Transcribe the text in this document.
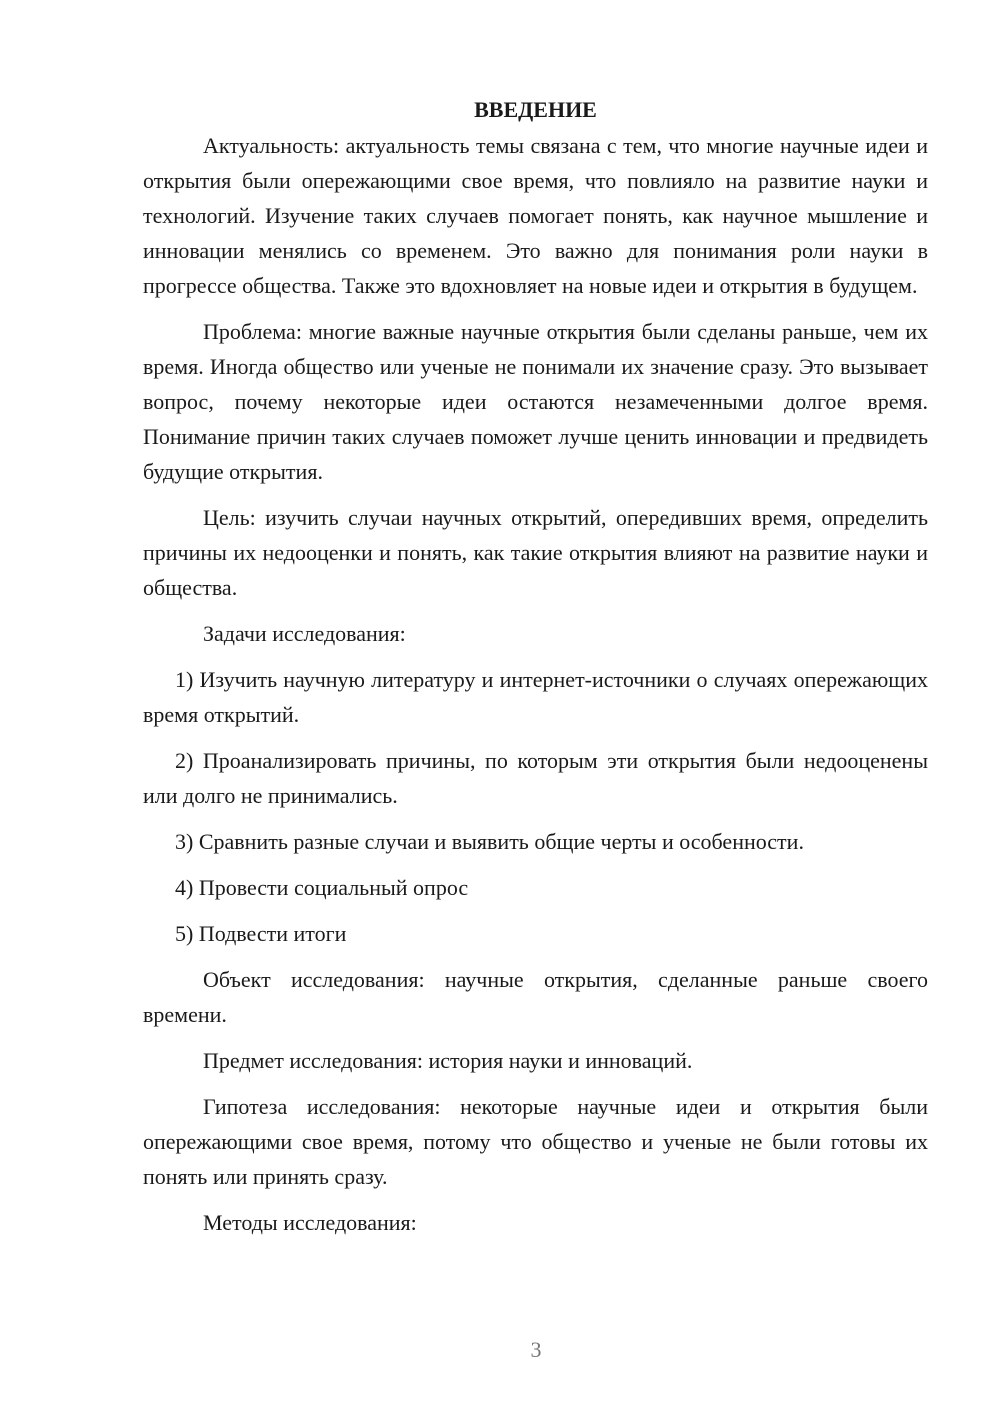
ВВЕДЕНИЕ

Актуальность: актуальность темы связана с тем, что многие научные идеи и открытия были опережающими свое время, что повлияло на развитие науки и технологий. Изучение таких случаев помогает понять, как научное мышление и инновации менялись со временем. Это важно для понимания роли науки в прогрессе общества. Также это вдохновляет на новые идеи и открытия в будущем.

Проблема: многие важные научные открытия были сделаны раньше, чем их время. Иногда общество или ученые не понимали их значение сразу. Это вызывает вопрос, почему некоторые идеи остаются незамеченными долгое время. Понимание причин таких случаев поможет лучше ценить инновации и предвидеть будущие открытия.

Цель: изучить случаи научных открытий, опередивших время, определить причины их недооценки и понять, как такие открытия влияют на развитие науки и общества.

Задачи исследования:

1) Изучить научную литературу и интернет-источники о случаях опережающих время открытий.

2) Проанализировать причины, по которым эти открытия были недооценены или долго не принимались.

3) Сравнить разные случаи и выявить общие черты и особенности.

4) Провести социальный опрос

5) Подвести итоги

Объект исследования: научные открытия, сделанные раньше своего времени.

Предмет исследования: история науки и инноваций.

Гипотеза исследования: некоторые научные идеи и открытия были опережающими свое время, потому что общество и ученые не были готовы их понять или принять сразу.

Методы исследования:

3
